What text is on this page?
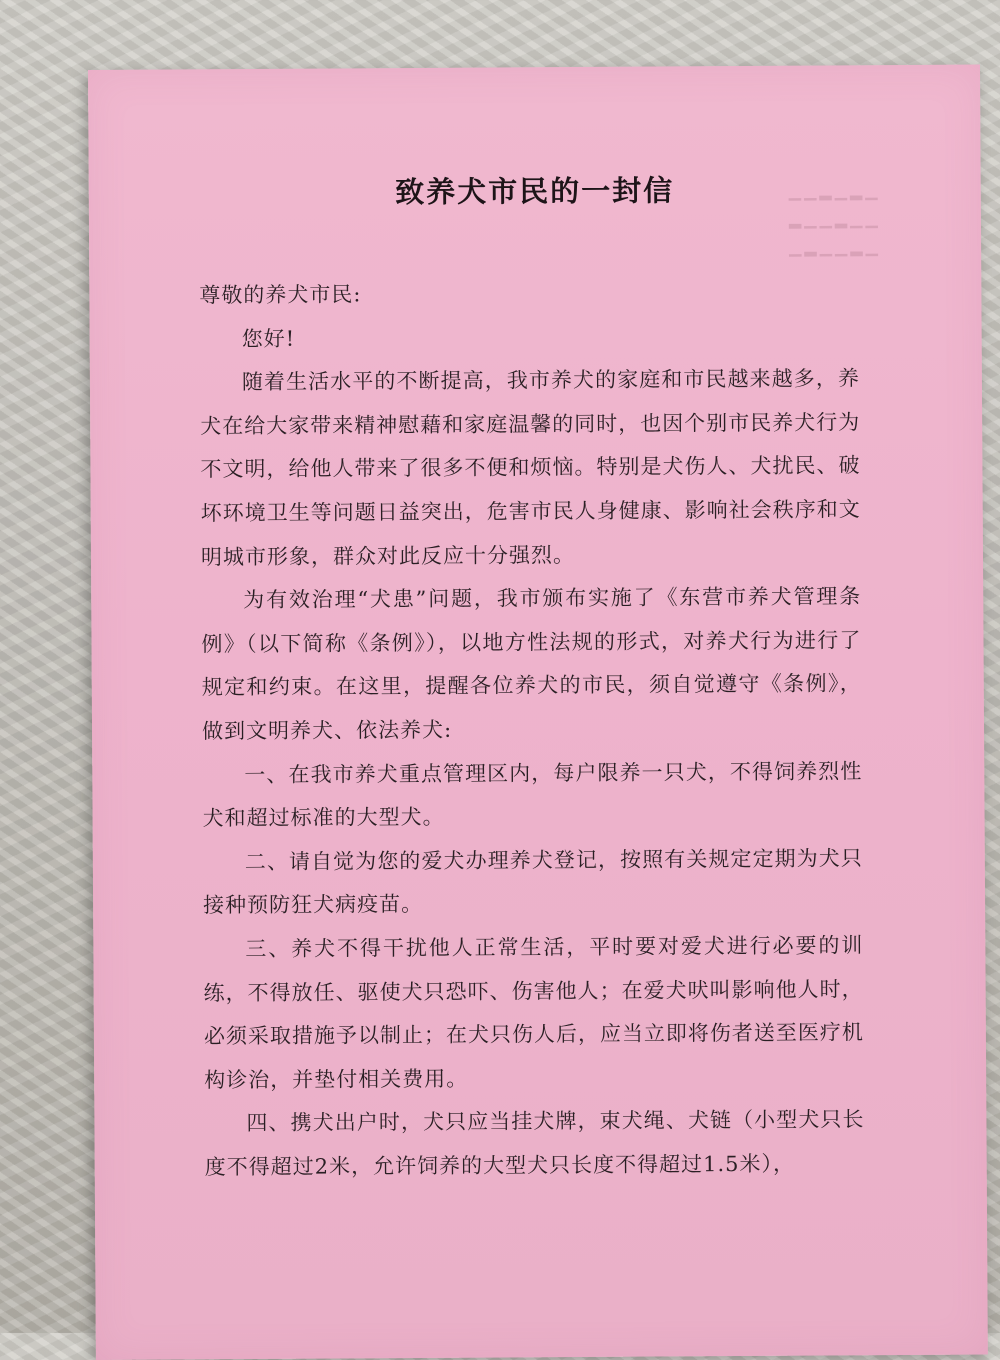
▁▁▂▁▂▁
▂▁▁▂▁▁
▁▂▁▁▂▁
致养犬市民的一封信

尊敬的养犬市民:

您好!

随着生活水平的不断提高，我市养犬的家庭和市民越来越多，养犬在给大家带来精神慰藉和家庭温馨的同时，也因个别市民养犬行为不文明，给他人带来了很多不便和烦恼。特别是犬伤人、犬扰民、破坏环境卫生等问题日益突出，危害市民人身健康、影响社会秩序和文明城市形象，群众对此反应十分强烈。

为有效治理“犬患”问题，我市颁布实施了《东营市养犬管理条例》（以下简称《条例》），以地方性法规的形式，对养犬行为进行了规定和约束。在这里，提醒各位养犬的市民，须自觉遵守《条例》，做到文明养犬、依法养犬:

一、在我市养犬重点管理区内，每户限养一只犬，不得饲养烈性犬和超过标准的大型犬。

二、请自觉为您的爱犬办理养犬登记，按照有关规定定期为犬只接种预防狂犬病疫苗。

三、养犬不得干扰他人正常生活，平时要对爱犬进行必要的训练，不得放任、驱使犬只恐吓、伤害他人；在爱犬吠叫影响他人时，必须采取措施予以制止；在犬只伤人后，应当立即将伤者送至医疗机构诊治，并垫付相关费用。

四、携犬出户时，犬只应当挂犬牌，束犬绳、犬链（小型犬只长度不得超过2米，允许饲养的大型犬只长度不得超过1.5米），
